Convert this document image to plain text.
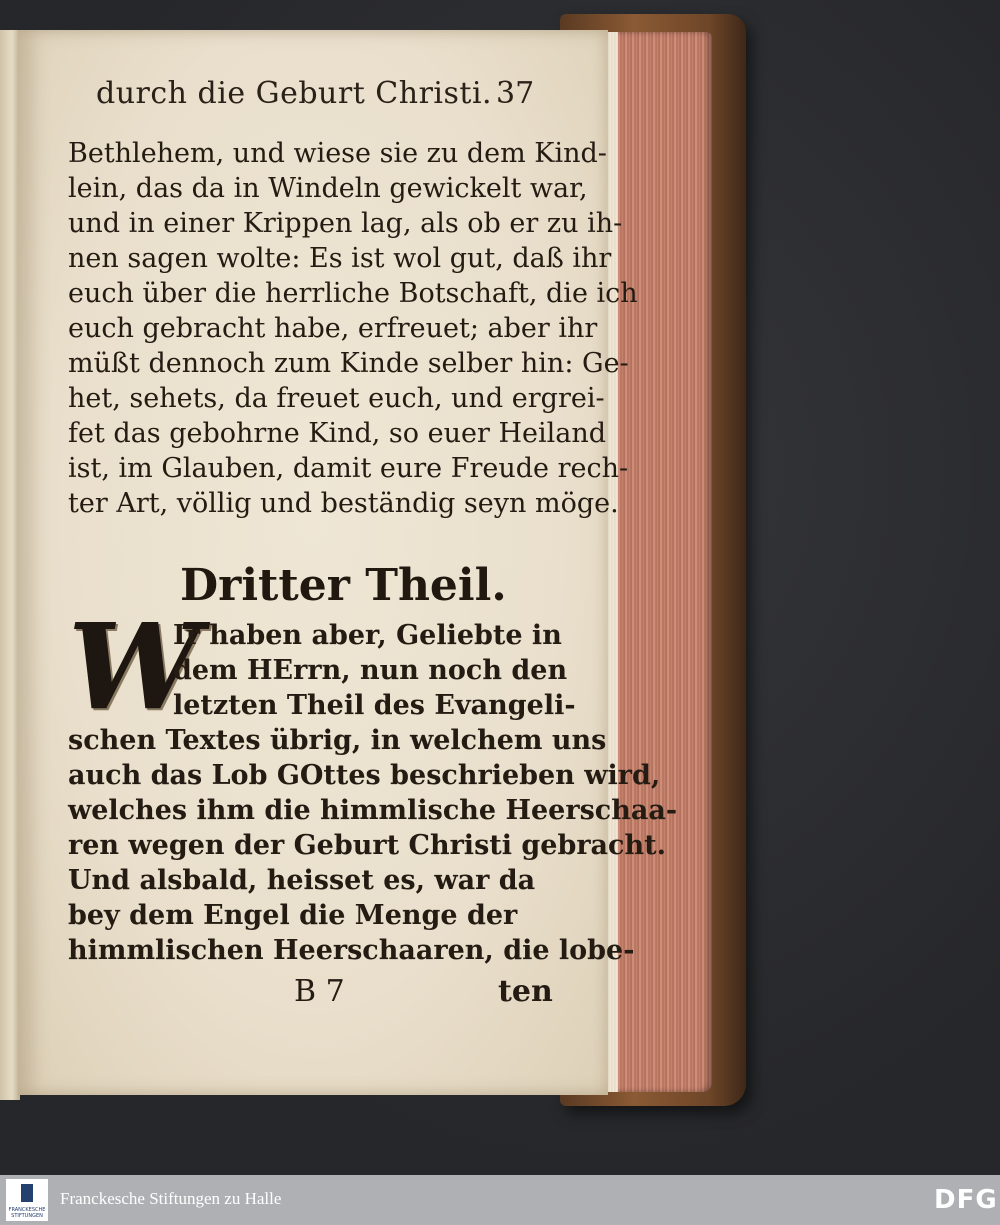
durch die Geburt Christi. 37
Bethlehem, und wiese sie zu dem Kind-
lein, das da in Windeln gewickelt war,
und in einer Krippen lag, als ob er zu ih-
nen sagen wolte: Es ist wol gut, daß ihr
euch über die herrliche Botschaft, die ich
euch gebracht habe, erfreuet; aber ihr
müßt dennoch zum Kinde selber hin: Ge-
het, sehets, da freuet euch, und ergrei-
fet das gebohrne Kind, so euer Heiland
ist, im Glauben, damit eure Freude rech-
ter Art, völlig und beständig seyn möge.
Dritter Theil.
W
Ir haben aber, Geliebte in
dem HErrn, nun noch den
letzten Theil des Evangeli-
schen Textes übrig, in welchem uns
auch das Lob GOttes beschrieben wird,
welches ihm die himmlische Heerschaa-
ren wegen der Geburt Christi gebracht.
Und alsbald, heisset es, war da
bey dem Engel die Menge der
himmlischen Heerschaaren, die lobe-
B 7	ten
FRANCKESCHE STIFTUNGEN
Franckesche Stiftungen zu Halle	DFG
